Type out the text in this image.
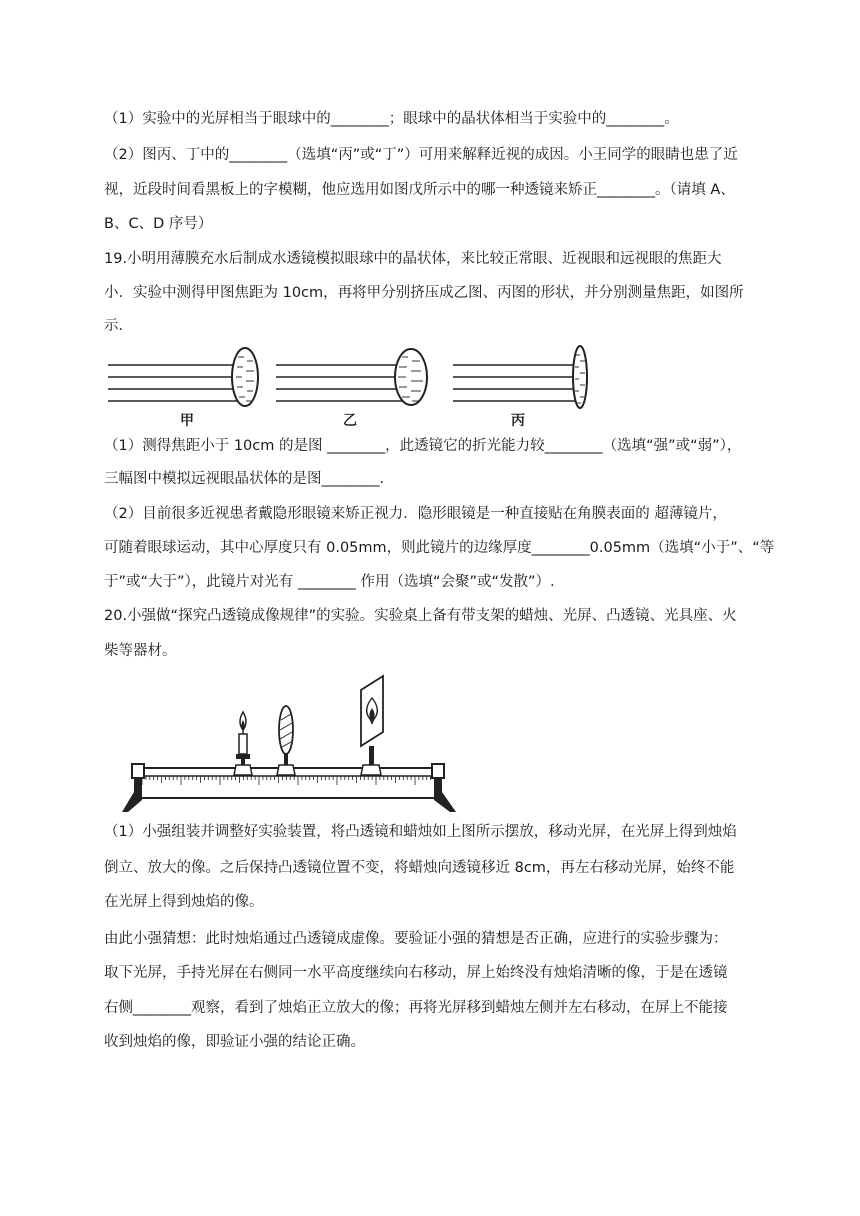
（1）实验中的光屏相当于眼球中的________；眼球中的晶状体相当于实验中的________。
（2）图丙、丁中的________（选填“丙”或“丁”）可用来解释近视的成因。小王同学的眼睛也患了近
视，近段时间看黑板上的字模糊，他应选用如图戊所示中的哪一种透镜来矫正________。（请填 A、
B、C、D 序号）
19.小明用薄膜充水后制成水透镜模拟眼球中的晶状体，来比较正常眼、近视眼和远视眼的焦距大
小．实验中测得甲图焦距为 10cm，再将甲分别挤压成乙图、丙图的形状，并分别测量焦距，如图所
示．
甲	乙	丙
（1）测得焦距小于 10cm 的是图 ________，此透镜它的折光能力较________（选填“强”或“弱”），
三幅图中模拟远视眼晶状体的是图________.
（2）目前很多近视患者戴隐形眼镜来矫正视力．隐形眼镜是一种直接贴在角膜表面的 超薄镜片，
可随着眼球运动，其中心厚度只有 0.05mm，则此镜片的边缘厚度________0.05mm（选填“小于”、“等
于”或“大于”），此镜片对光有 ________ 作用（选填“会聚”或“发散”）.
20.小强做“探究凸透镜成像规律”的实验。实验桌上备有带支架的蜡烛、光屏、凸透镜、光具座、火
柴等器材。
（1）小强组装并调整好实验装置，将凸透镜和蜡烛如上图所示摆放，移动光屏，在光屏上得到烛焰
倒立、放大的像。之后保持凸透镜位置不变，将蜡烛向透镜移近 8cm，再左右移动光屏，始终不能
在光屏上得到烛焰的像。
由此小强猜想：此时烛焰通过凸透镜成虚像。要验证小强的猜想是否正确，应进行的实验步骤为：
取下光屏，手持光屏在右侧同一水平高度继续向右移动，屏上始终没有烛焰清晰的像，于是在透镜
右侧________观察，看到了烛焰正立放大的像；再将光屏移到蜡烛左侧并左右移动，在屏上不能接
收到烛焰的像，即验证小强的结论正确。
